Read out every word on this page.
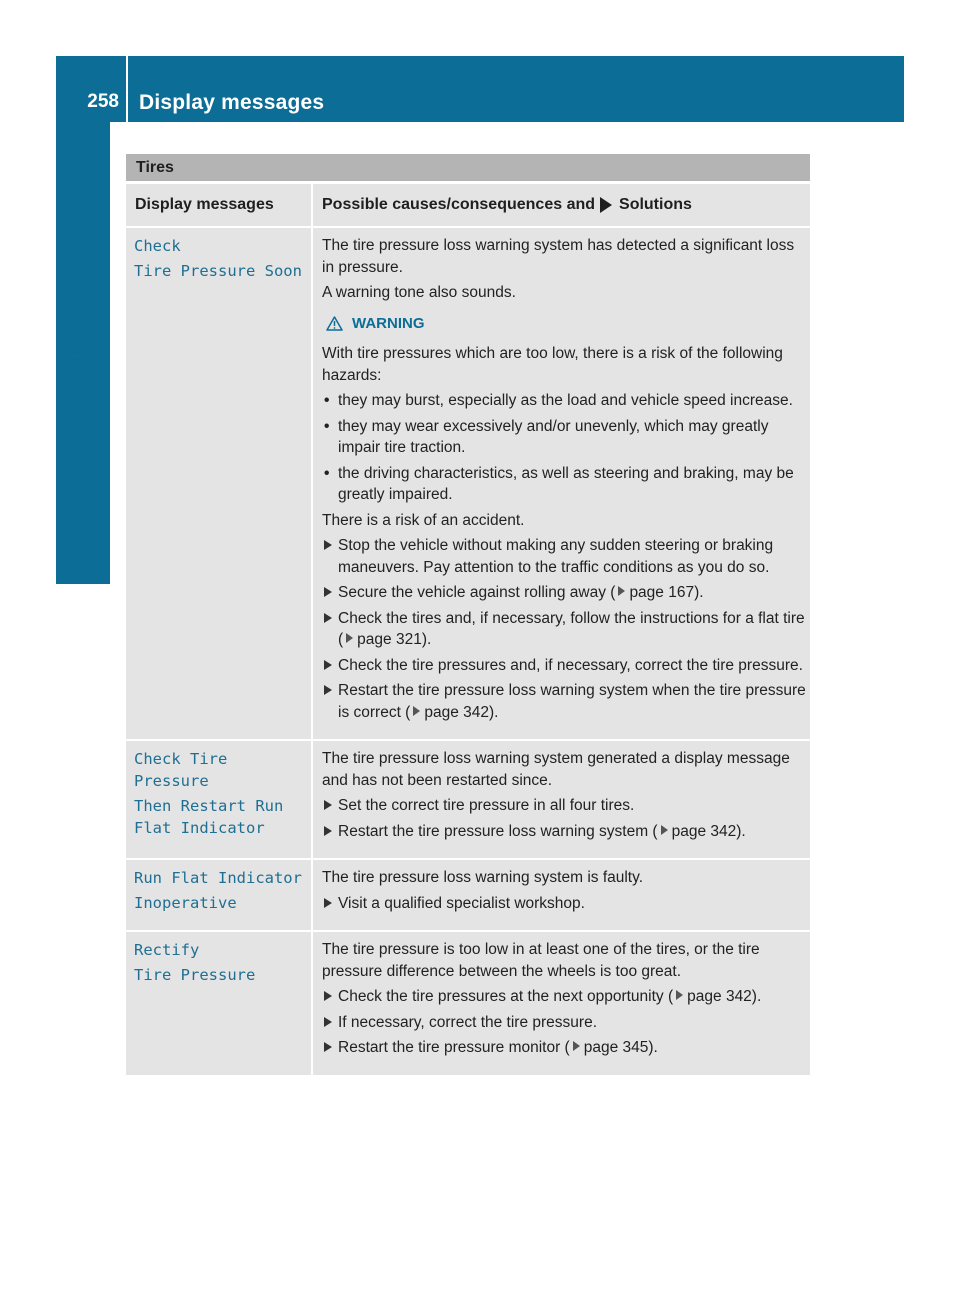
258 Display messages
On-board computer and displays
Tires
Display messages	Possible causes/consequences and Solutions
Check
Tire Pressure Soon
The tire pressure loss warning system has detected a significant loss in pressure.
A warning tone also sounds.
WARNING
With tire pressures which are too low, there is a risk of the following hazards:
• they may burst, especially as the load and vehicle speed increase.
• they may wear excessively and/or unevenly, which may greatly impair tire traction.
• the driving characteristics, as well as steering and braking, may be greatly impaired.
There is a risk of an accident.
Stop the vehicle without making any sudden steering or braking maneuvers. Pay attention to the traffic conditions as you do so.
Secure the vehicle against rolling away ( page 167).
Check the tires and, if necessary, follow the instructions for a flat tire ( page 321).
Check the tire pressures and, if necessary, correct the tire pressure.
Restart the tire pressure loss warning system when the tire pressure is correct ( page 342).
Check Tire Pressure
Then Restart Run Flat Indicator
The tire pressure loss warning system generated a display message and has not been restarted since.
Set the correct tire pressure in all four tires.
Restart the tire pressure loss warning system ( page 342).
Run Flat Indicator
Inoperative
The tire pressure loss warning system is faulty.
Visit a qualified specialist workshop.
Rectify
Tire Pressure
The tire pressure is too low in at least one of the tires, or the tire pressure difference between the wheels is too great.
Check the tire pressures at the next opportunity ( page 342).
If necessary, correct the tire pressure.
Restart the tire pressure monitor ( page 345).
